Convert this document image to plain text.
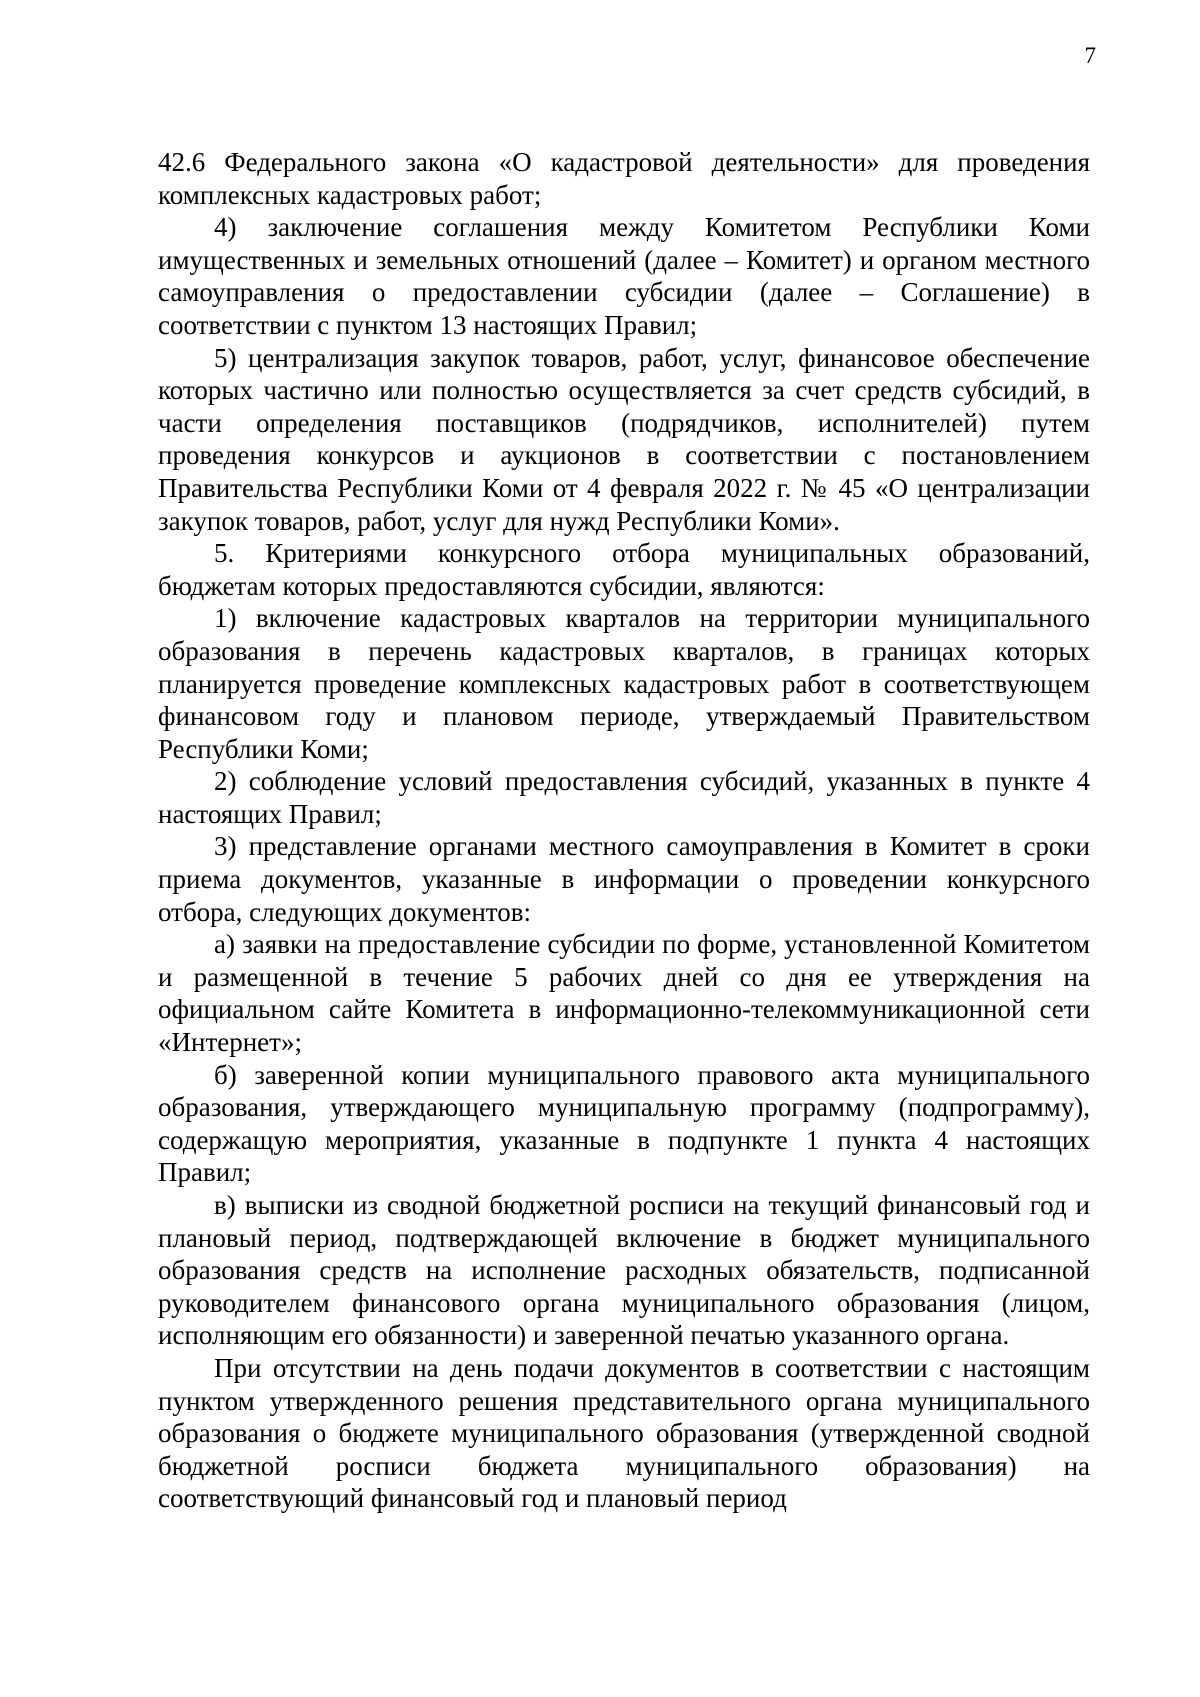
7

42.6 Федерального закона «О кадастровой деятельности» для проведения комплексных кадастровых работ;

4) заключение соглашения между Комитетом Республики Коми имущественных и земельных отношений (далее – Комитет) и органом местного самоуправления о предоставлении субсидии (далее – Соглашение) в соответствии с пунктом 13 настоящих Правил;

5) централизация закупок товаров, работ, услуг, финансовое обеспечение которых частично или полностью осуществляется за счет средств субсидий, в части определения поставщиков (подрядчиков, исполнителей) путем проведения конкурсов и аукционов в соответствии с постановлением Правительства Республики Коми от 4 февраля 2022 г. № 45 «О централизации закупок товаров, работ, услуг для нужд Республики Коми».

5. Критериями конкурсного отбора муниципальных образований, бюджетам которых предоставляются субсидии, являются:

1) включение кадастровых кварталов на территории муниципального образования в перечень кадастровых кварталов, в границах которых планируется проведение комплексных кадастровых работ в соответствующем финансовом году и плановом периоде, утверждаемый Правительством Республики Коми;

2) соблюдение условий предоставления субсидий, указанных в пункте 4 настоящих Правил;

3) представление органами местного самоуправления в Комитет в сроки приема документов, указанные в информации о проведении конкурсного отбора, следующих документов:

а) заявки на предоставление субсидии по форме, установленной Комитетом и размещенной в течение 5 рабочих дней со дня ее утверждения на официальном сайте Комитета в информационно-телекоммуникационной сети «Интернет»;

б) заверенной копии муниципального правового акта муниципального образования, утверждающего муниципальную программу (подпрограмму), содержащую мероприятия, указанные в подпункте 1 пункта 4 настоящих Правил;

в) выписки из сводной бюджетной росписи на текущий финансовый год и плановый период, подтверждающей включение в бюджет муниципального образования средств на исполнение расходных обязательств, подписанной руководителем финансового органа муниципального образования (лицом, исполняющим его обязанности) и заверенной печатью указанного органа.

При отсутствии на день подачи документов в соответствии с настоящим пунктом утвержденного решения представительного органа муниципального образования о бюджете муниципального образования (утвержденной сводной бюджетной росписи бюджета муниципального образования) на соответствующий финансовый год и плановый период
